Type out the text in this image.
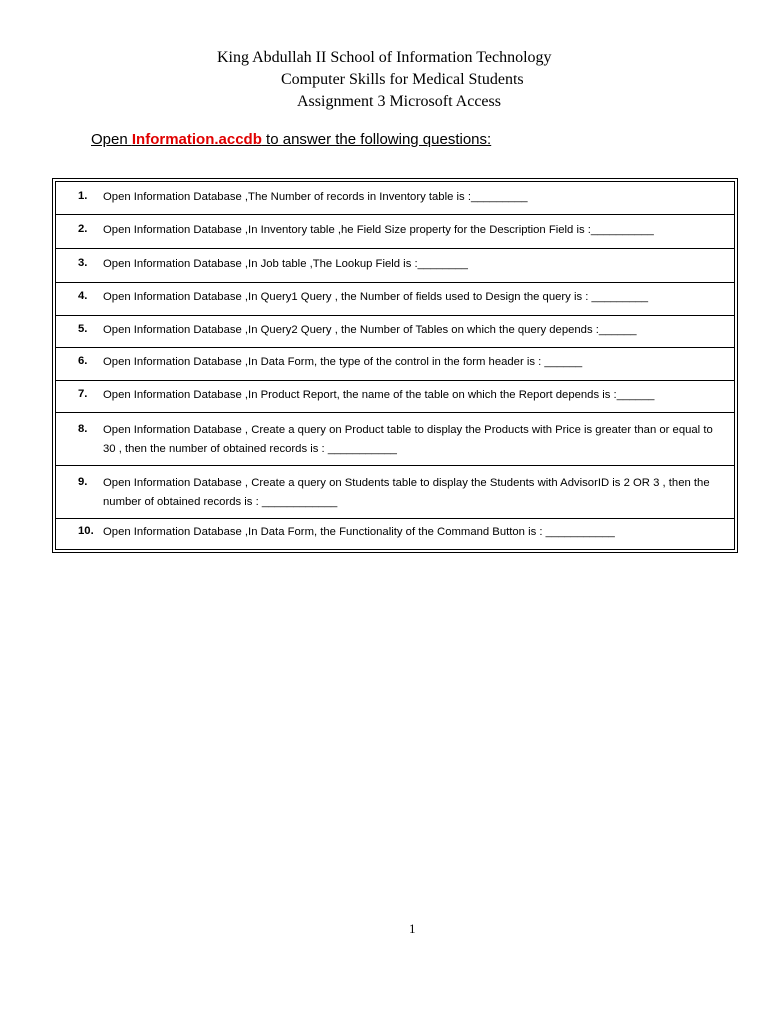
King Abdullah II School of Information Technology
Computer Skills for Medical Students
Assignment 3 Microsoft Access
Open Information.accdb to answer the following questions:
1.	Open Information Database ,The Number of records in Inventory table is :_________
2.	Open Information Database ,In Inventory table ,he Field Size property for the Description Field is :__________
3.	Open Information Database ,In Job table ,The Lookup Field is :________
4.	Open Information Database ,In Query1 Query , the Number of fields used to Design the query is : _________
5.	Open Information Database ,In Query2 Query , the Number of Tables on which the query depends :______
6.	Open Information Database ,In Data Form, the type of the control in the form header is : ______
7.	Open Information Database ,In Product Report, the name of the table on which the Report depends is :______
8.	Open Information Database , Create a query on Product table to display the Products with Price is greater than or equal to 30 , then the number of obtained records is : ___________
9.	Open Information Database , Create a query on Students table to display the Students with AdvisorID is 2 OR 3 , then the number of obtained records is : ____________
10. Open Information Database ,In Data Form, the Functionality of the Command Button is : ___________
1
